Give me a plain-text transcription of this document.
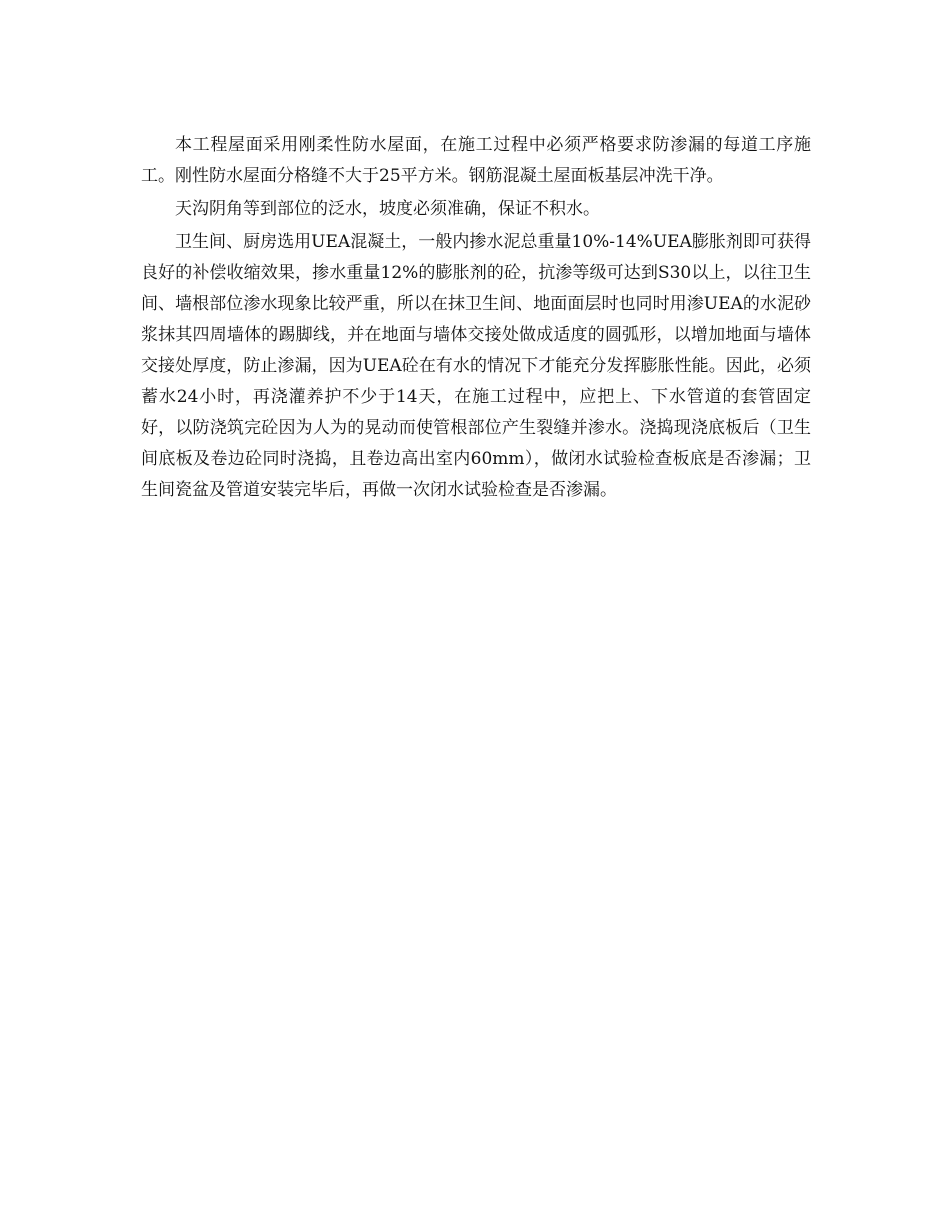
本工程屋面采用刚柔性防水屋面，在施工过程中必须严格要求防渗漏的每道工序施工。刚性防水屋面分格缝不大于25平方米。钢筋混凝土屋面板基层冲洗干净。

天沟阴角等到部位的泛水，坡度必须准确，保证不积水。

卫生间、厨房选用UEA混凝土，一般内掺水泥总重量10%-14%UEA膨胀剂即可获得良好的补偿收缩效果，掺水重量12%的膨胀剂的砼，抗渗等级可达到S30以上，以往卫生间、墙根部位渗水现象比较严重，所以在抹卫生间、地面面层时也同时用渗UEA的水泥砂浆抹其四周墙体的踢脚线，并在地面与墙体交接处做成适度的圆弧形，以增加地面与墙体交接处厚度，防止渗漏，因为UEA砼在有水的情况下才能充分发挥膨胀性能。因此，必须蓄水24小时，再浇灌养护不少于14天，在施工过程中，应把上、下水管道的套管固定好，以防浇筑完砼因为人为的晃动而使管根部位产生裂缝并渗水。浇捣现浇底板后（卫生间底板及卷边砼同时浇捣，且卷边高出室内60mm），做闭水试验检查板底是否渗漏；卫生间瓷盆及管道安装完毕后，再做一次闭水试验检查是否渗漏。
